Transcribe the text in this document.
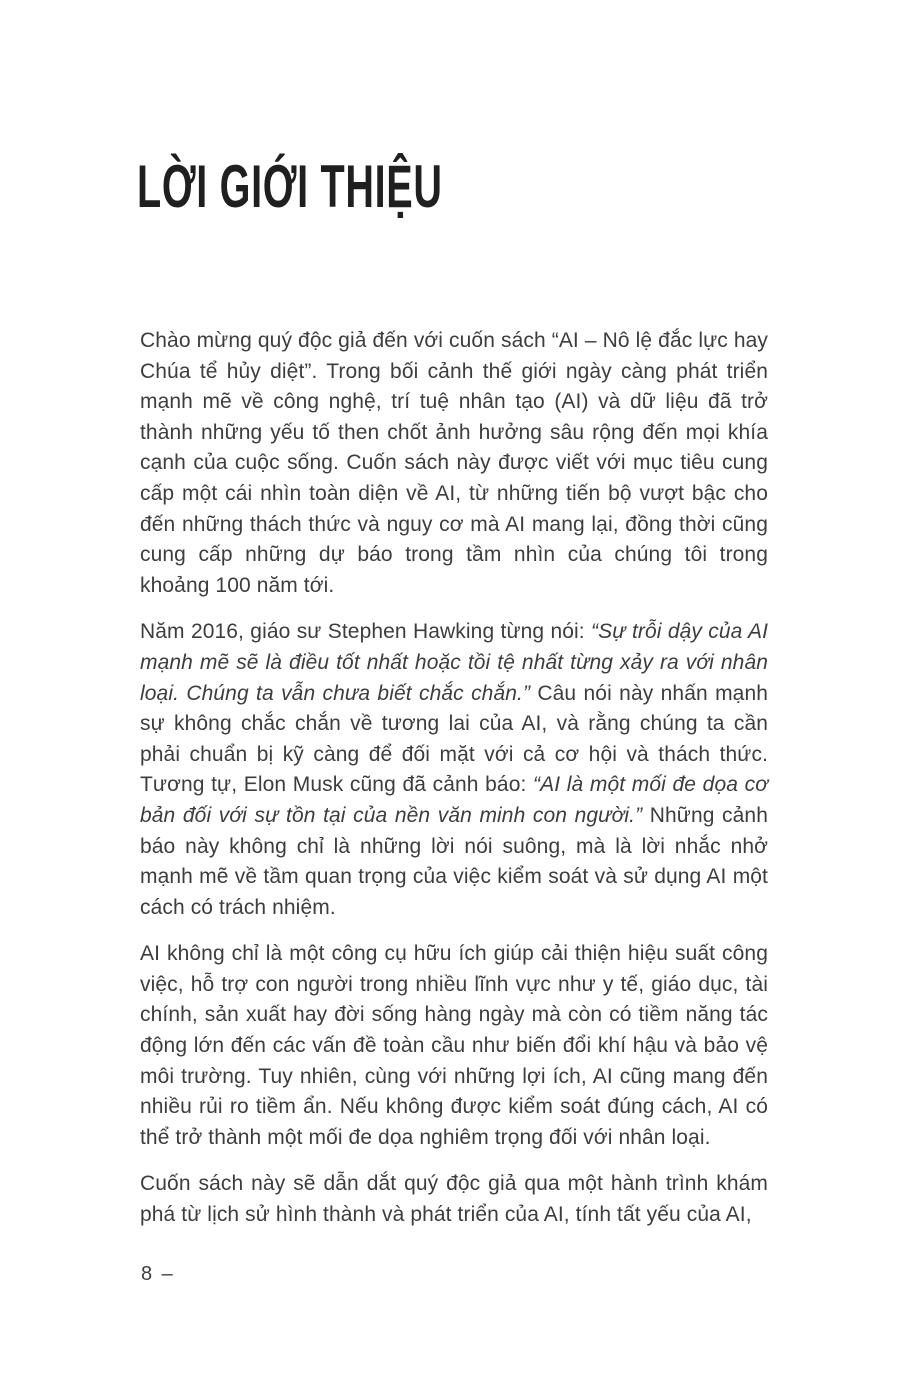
LỜI GIỚI THIỆU

Chào mừng quý độc giả đến với cuốn sách “AI – Nô lệ đắc lực hay Chúa tể hủy diệt”. Trong bối cảnh thế giới ngày càng phát triển mạnh mẽ về công nghệ, trí tuệ nhân tạo (AI) và dữ liệu đã trở thành những yếu tố then chốt ảnh hưởng sâu rộng đến mọi khía cạnh của cuộc sống. Cuốn sách này được viết với mục tiêu cung cấp một cái nhìn toàn diện về AI, từ những tiến bộ vượt bậc cho đến những thách thức và nguy cơ mà AI mang lại, đồng thời cũng cung cấp những dự báo trong tầm nhìn của chúng tôi trong khoảng 100 năm tới.

Năm 2016, giáo sư Stephen Hawking từng nói: “Sự trỗi dậy của AI mạnh mẽ sẽ là điều tốt nhất hoặc tồi tệ nhất từng xảy ra với nhân loại. Chúng ta vẫn chưa biết chắc chắn.” Câu nói này nhấn mạnh sự không chắc chắn về tương lai của AI, và rằng chúng ta cần phải chuẩn bị kỹ càng để đối mặt với cả cơ hội và thách thức. Tương tự, Elon Musk cũng đã cảnh báo: “AI là một mối đe dọa cơ bản đối với sự tồn tại của nền văn minh con người.” Những cảnh báo này không chỉ là những lời nói suông, mà là lời nhắc nhở mạnh mẽ về tầm quan trọng của việc kiểm soát và sử dụng AI một cách có trách nhiệm.

AI không chỉ là một công cụ hữu ích giúp cải thiện hiệu suất công việc, hỗ trợ con người trong nhiều lĩnh vực như y tế, giáo dục, tài chính, sản xuất hay đời sống hàng ngày mà còn có tiềm năng tác động lớn đến các vấn đề toàn cầu như biến đổi khí hậu và bảo vệ môi trường. Tuy nhiên, cùng với những lợi ích, AI cũng mang đến nhiều rủi ro tiềm ẩn. Nếu không được kiểm soát đúng cách, AI có thể trở thành một mối đe dọa nghiêm trọng đối với nhân loại.

Cuốn sách này sẽ dẫn dắt quý độc giả qua một hành trình khám phá từ lịch sử hình thành và phát triển của AI, tính tất yếu của AI,

8 –
